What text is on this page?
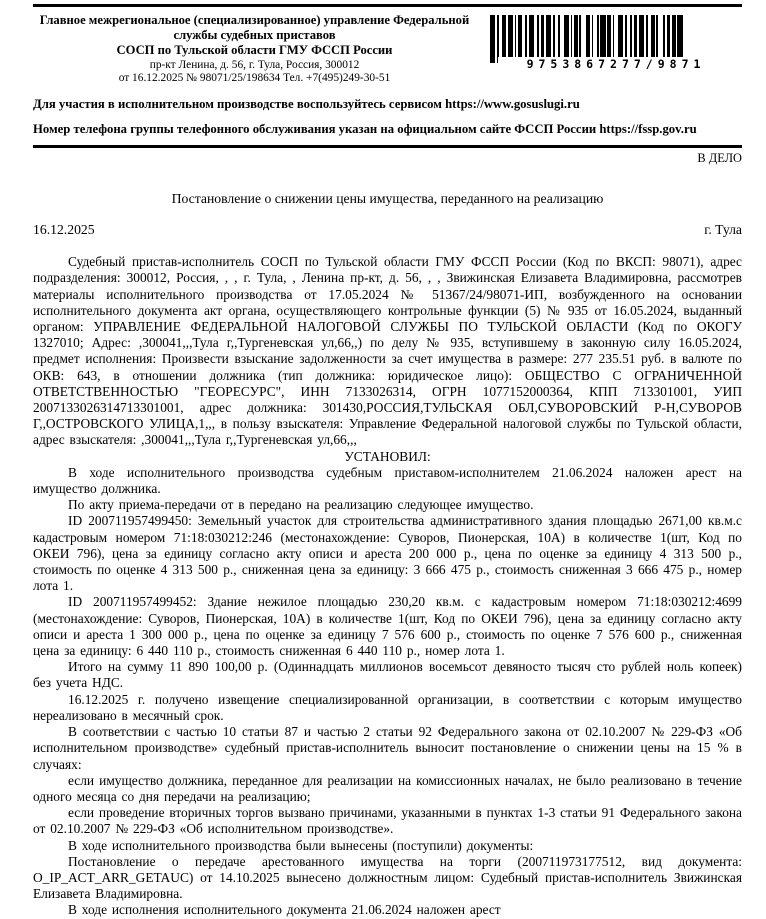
Главное межрегиональное (специализированное) управление Федеральной
службы судебных приставов
СОСП по Тульской области ГМУ ФССП России
пр-кт Ленина, д. 56, г. Тула, Россия, 300012
от 16.12.2025 № 98071/25/198634 Тел. +7(495)249-30-51
9753867277/9871
Для участия в исполнительном производстве воспользуйтесь сервисом https://www.gosuslugi.ru
Номер телефона группы телефонного обслуживания указан на официальном сайте ФССП России https://fssp.gov.ru
В ДЕЛО
Постановление о снижении цены имущества, переданного на реализацию
16.12.2025	г. Тула

Судебный пристав-исполнитель СОСП по Тульской области ГМУ ФССП России (Код по ВКСП: 98071), адрес подразделения: 300012, Россия, , , г. Тула, , Ленина пр-кт, д. 56, , , Звижинская Елизавета Владимировна, рассмотрев материалы исполнительного производства от 17.05.2024 № 51367/24/98071-ИП, возбужденного на основании исполнительного документа акт органа, осуществляющего контрольные функции (5) № 935 от 16.05.2024, выданный органом: УПРАВЛЕНИЕ ФЕДЕРАЛЬНОЙ НАЛОГОВОЙ СЛУЖБЫ ПО ТУЛЬСКОЙ ОБЛАСТИ (Код по ОКОГУ 1327010; Адрес: ,300041,,,Тула г,,Тургеневская ул,66,,) по делу № 935, вступившему в законную силу 16.05.2024, предмет исполнения: Произвести взыскание задолженности за счет имущества в размере: 277 235.51 руб. в валюте по ОКВ: 643, в отношении должника (тип должника: юридическое лицо): ОБЩЕСТВО С ОГРАНИЧЕННОЙ ОТВЕТСТВЕННОСТЬЮ "ГЕОРЕСУРС", ИНН 7133026314, ОГРН 1077152000364, КПП 713301001, УИП 2007133026314713301001, адрес должника: 301430,РОССИЯ,ТУЛЬСКАЯ ОБЛ,СУВОРОВСКИЙ Р-Н,СУВОРОВ Г,,ОСТРОВСКОГО УЛИЦА,1,,, в пользу взыскателя: Управление Федеральной налоговой службы по Тульской области, адрес взыскателя: ,300041,,,Тула г,,Тургеневская ул,66,,,

УСТАНОВИЛ:

В ходе исполнительного производства судебным приставом-исполнителем 21.06.2024 наложен арест на имущество должника.

По акту приема-передачи от в передано на реализацию следующее имущество.

ID 200711957499450: Земельный участок для строительства административного здания площадью 2671,00 кв.м.с кадастровым номером 71:18:030212:246 (местонахождение: Суворов, Пионерская, 10А) в количестве 1(шт, Код по ОКЕИ 796), цена за единицу согласно акту описи и ареста 200 000 р., цена по оценке за единицу 4 313 500 р., стоимость по оценке 4 313 500 р., сниженная цена за единицу: 3 666 475 р., стоимость сниженная 3 666 475 р., номер лота 1.

ID 200711957499452: Здание нежилое площадью 230,20 кв.м. с кадастровым номером 71:18:030212:4699 (местонахождение: Суворов, Пионерская, 10А) в количестве 1(шт, Код по ОКЕИ 796), цена за единицу согласно акту описи и ареста 1 300 000 р., цена по оценке за единицу 7 576 600 р., стоимость по оценке 7 576 600 р., сниженная цена за единицу: 6 440 110 р., стоимость сниженная 6 440 110 р., номер лота 1.

Итого на сумму 11 890 100,00 р. (Одиннадцать миллионов восемьсот девяносто тысяч сто рублей ноль копеек) без учета НДС.

16.12.2025 г. получено извещение специализированной организации, в соответствии с которым имущество нереализовано в месячный срок.

В соответствии с частью 10 статьи 87 и частью 2 статьи 92 Федерального закона от 02.10.2007 № 229-ФЗ «Об исполнительном производстве» судебный пристав-исполнитель выносит постановление о снижении цены на 15 % в случаях:

если имущество должника, переданное для реализации на комиссионных началах, не было реализовано в течение одного месяца со дня передачи на реализацию;

если проведение вторичных торгов вызвано причинами, указанными в пунктах 1-3 статьи 91 Федерального закона от 02.10.2007 № 229-ФЗ «Об исполнительном производстве».

В ходе исполнительного производства были вынесены (поступили) документы:

Постановление о передаче арестованного имущества на торги (200711973177512, вид документа: O_IP_ACT_ARR_GETAUC) от 14.10.2025 вынесено должностным лицом: Судебный пристав-исполнитель Звижинская Елизавета Владимировна.

В ходе исполнения исполнительного документа 21.06.2024 наложен арест
